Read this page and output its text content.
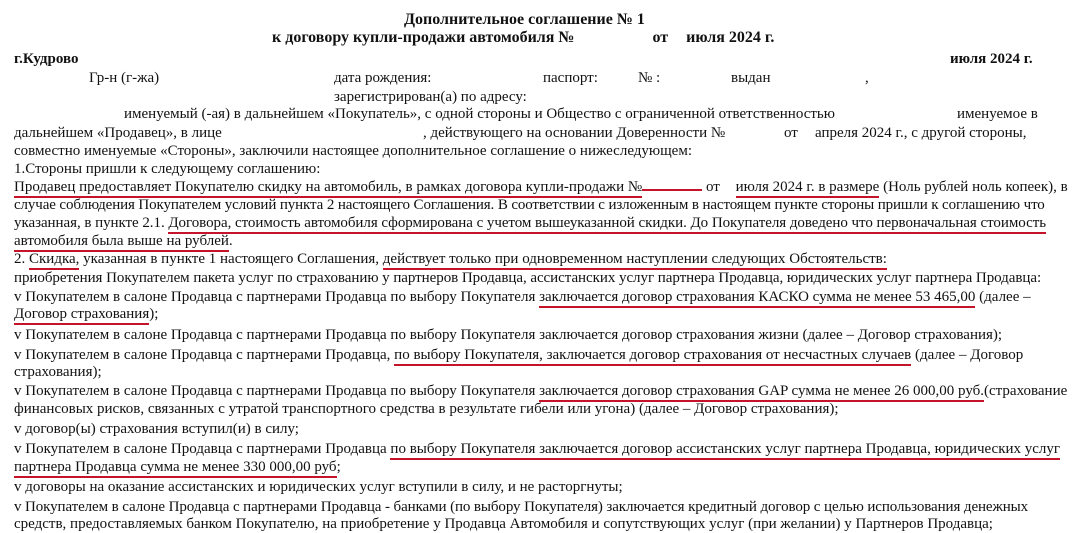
Дополнительное соглашение № 1
к договору купли-продажи автомобиля №	от июля 2024 г.
г.Кудрово	июля 2024 г.
Гр-н (г-жа)	дата рождения:	паспорт:	№ :	выдан	,
зарегистрирован(а) по адресу:
именуемый (-ая) в дальнейшем «Покупатель», с одной стороны и Общество с ограниченной ответственностью	именуемое в
дальнейшем «Продавец», в лице	, действующего на основании Доверенности №	от апреля 2024 г., с другой стороны,
совместно именуемые «Стороны», заключили настоящее дополнительное соглашение о нижеследующем:
1.Стороны пришли к следующему соглашению:
Продавец предоставляет Покупателю скидку на автомобиль, в рамках договора купли-продажи №	от июля 2024 г. в размере (Ноль рублей ноль копеек), в
случае соблюдения Покупателем условий пункта 2 настоящего Соглашения. В соответствии с изложенным в настоящем пункте стороны пришли к соглашению что
указанная, в пункте 2.1. Договора, стоимость автомобиля сформирована с учетом вышеуказанной скидки. До Покупателя доведено что первоначальная стоимость
автомобиля была выше на рублей.
2. Скидка, указанная в пункте 1 настоящего Соглашения, действует только при одновременном наступлении следующих Обстоятельств:
приобретения Покупателем пакета услуг по страхованию у партнеров Продавца, ассистанских услуг партнера Продавца, юридических услуг партнера Продавца:
v Покупателем в салоне Продавца с партнерами Продавца по выбору Покупателя заключается договор страхования КАСКО сумма не менее 53 465,00 (далее –
Договор страхования);
v Покупателем в салоне Продавца с партнерами Продавца по выбору Покупателя заключается договор страхования жизни (далее – Договор страхования);
v Покупателем в салоне Продавца с партнерами Продавца, по выбору Покупателя, заключается договор страхования от несчастных случаев (далее – Договор
страхования);
v Покупателем в салоне Продавца с партнерами Продавца по выбору Покупателя заключается договор страхования GAP сумма не менее 26 000,00 руб.(страхование
финансовых рисков, связанных с утратой транспортного средства в результате гибели или угона) (далее – Договор страхования);
v договор(ы) страхования вступил(и) в силу;
v Покупателем в салоне Продавца с партнерами Продавца по выбору Покупателя заключается договор ассистанских услуг партнера Продавца, юридических услуг
партнера Продавца сумма не менее 330 000,00 руб;
v договоры на оказание ассистанских и юридических услуг вступили в силу, и не расторгнуты;
v Покупателем в салоне Продавца с партнерами Продавца - банками (по выбору Покупателя) заключается кредитный договор с целью использования денежных
средств, предоставляемых банком Покупателю, на приобретение у Продавца Автомобиля и сопутствующих услуг (при желании) у Партнеров Продавца;
